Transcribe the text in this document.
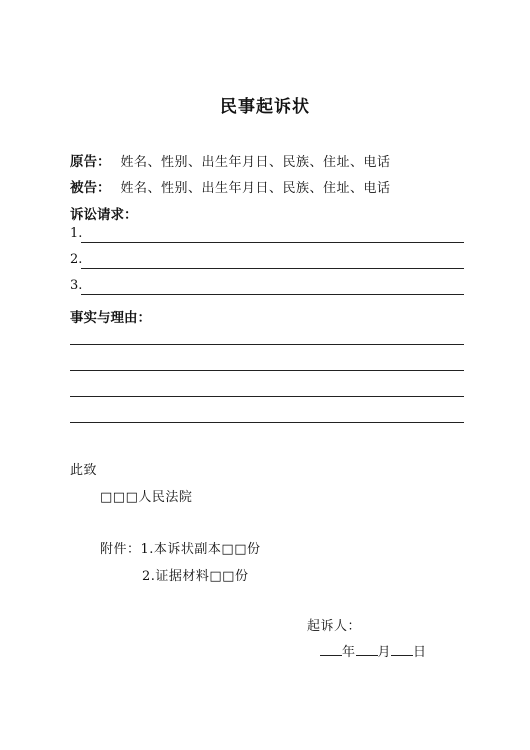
民事起诉状
原告： 姓名、性别、出生年月日、民族、住址、电话
被告： 姓名、性别、出生年月日、民族、住址、电话
诉讼请求：
1.
2.
3.
事实与理由：
此致
□□□人民法院
附件：1.本诉状副本□□份
2.证据材料□□份
起诉人：
年 月 日
